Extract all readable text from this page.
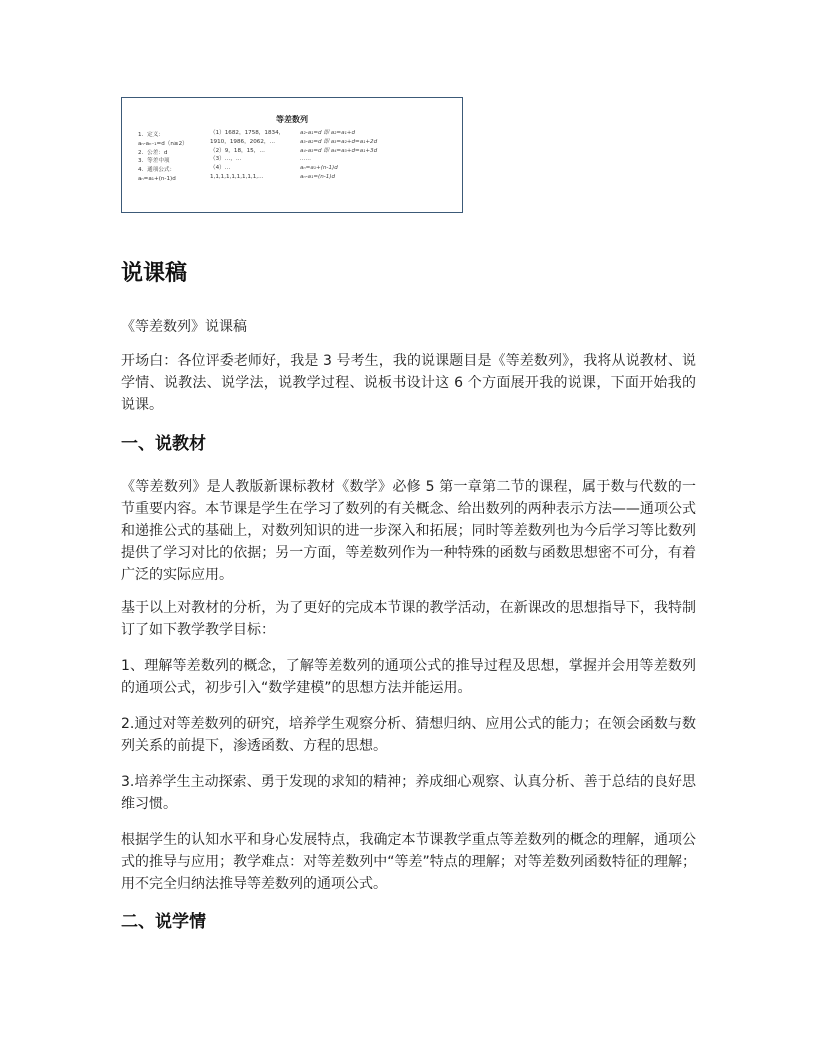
等差数列
1．定义：
aₙ-aₙ₋₁=d（n≥2）
2．公差：d
3．等差中项
4．通项公式：
aₙ=a₁+(n-1)d
（1）1682，1758，1834，
1910，1986，2062，…
（2）9，18，15，…
（3）…，…
（4）…
1,1,1,1,1,1,1,1,1,…
a₂-a₁=d 即 a₂=a₁+d
a₃-a₂=d 即 a₃=a₂+d=a₁+2d
a₄-a₃=d 即 a₄=a₃+d=a₁+3d
……
aₙ=a₁+(n-1)d
aₙ-a₁=(n-1)d
说课稿

《等差数列》说课稿

开场白：各位评委老师好，我是 3 号考生，我的说课题目是《等差数列》，我将从说教材、说学情、说教法、说学法，说教学过程、说板书设计这 6 个方面展开我的说课，下面开始我的说课。

一、说教材

《等差数列》是人教版新课标教材《数学》必修 5 第一章第二节的课程，属于数与代数的一节重要内容。本节课是学生在学习了数列的有关概念、给出数列的两种表示方法——通项公式和递推公式的基础上，对数列知识的进一步深入和拓展；同时等差数列也为今后学习等比数列提供了学习对比的依据；另一方面，等差数列作为一种特殊的函数与函数思想密不可分，有着广泛的实际应用。

基于以上对教材的分析，为了更好的完成本节课的教学活动，在新课改的思想指导下，我特制订了如下教学教学目标：

1、理解等差数列的概念，了解等差数列的通项公式的推导过程及思想，掌握并会用等差数列的通项公式，初步引入“数学建模”的思想方法并能运用。

2.通过对等差数列的研究，培养学生观察分析、猜想归纳、应用公式的能力；在领会函数与数列关系的前提下，渗透函数、方程的思想。

3.培养学生主动探索、勇于发现的求知的精神；养成细心观察、认真分析、善于总结的良好思维习惯。

根据学生的认知水平和身心发展特点，我确定本节课教学重点等差数列的概念的理解，通项公式的推导与应用；教学难点：对等差数列中“等差”特点的理解；对等差数列函数特征的理解；用不完全归纳法推导等差数列的通项公式。

二、说学情
